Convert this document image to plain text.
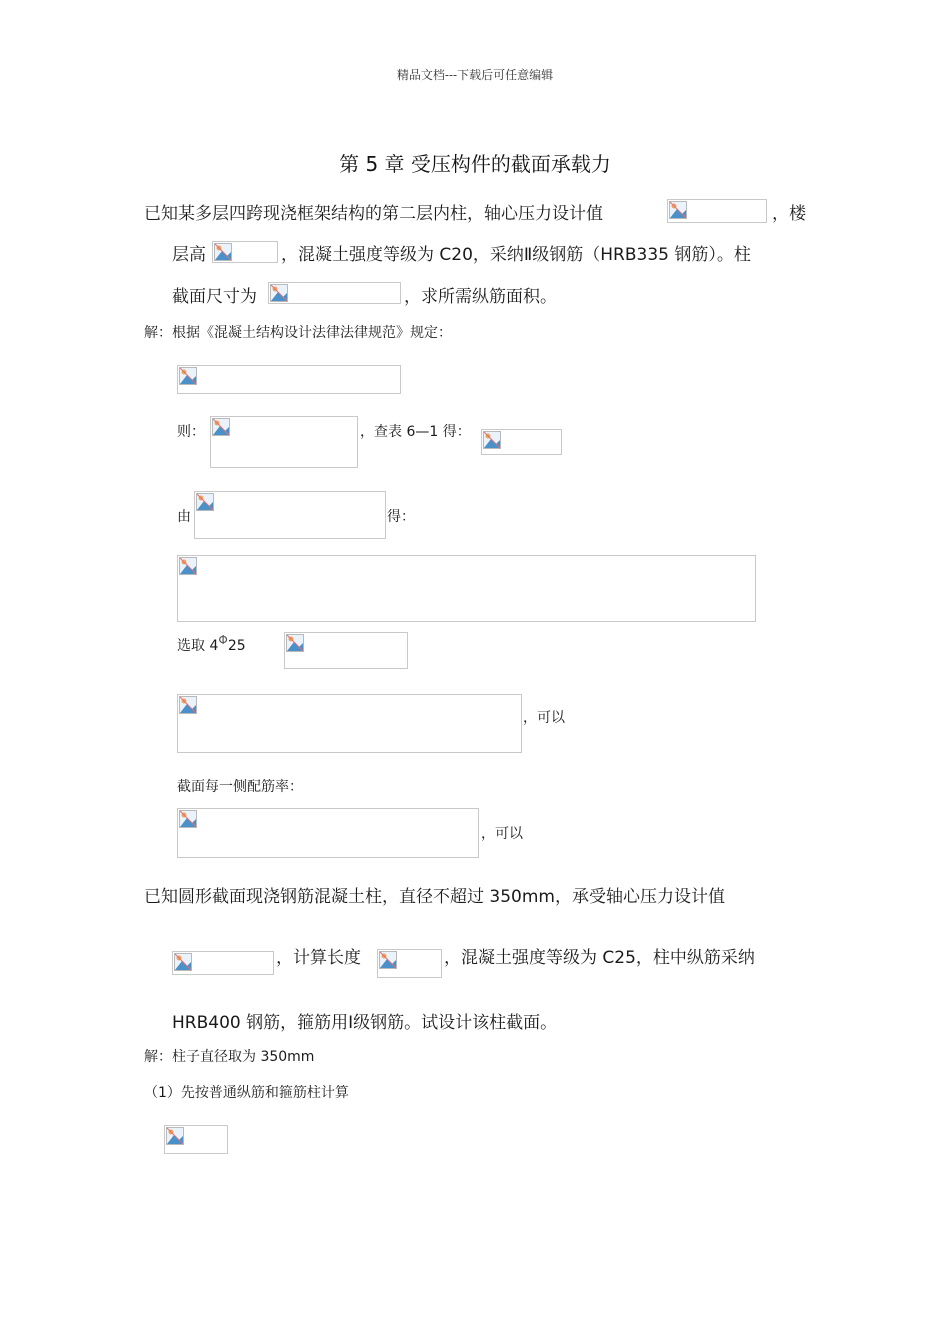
精品文档---下载后可任意编辑
第 5 章 受压构件的截面承载力
已知某多层四跨现浇框架结构的第二层内柱，轴心压力设计值	，楼
层高	，混凝土强度等级为 C20，采纳Ⅱ级钢筋（HRB335 钢筋）。柱
截面尺寸为	，求所需纵筋面积。
解：根据《混凝土结构设计法律法律规范》规定：
则：	，查表 6—1 得：
由	得：
选取 4Φ25
，可以
截面每一侧配筋率：
，可以
已知圆形截面现浇钢筋混凝土柱，直径不超过 350mm，承受轴心压力设计值
，计算长度	，混凝土强度等级为 C25，柱中纵筋采纳
HRB400 钢筋，箍筋用Ⅰ级钢筋。试设计该柱截面。
解：柱子直径取为 350mm
（1）先按普通纵筋和箍筋柱计算
